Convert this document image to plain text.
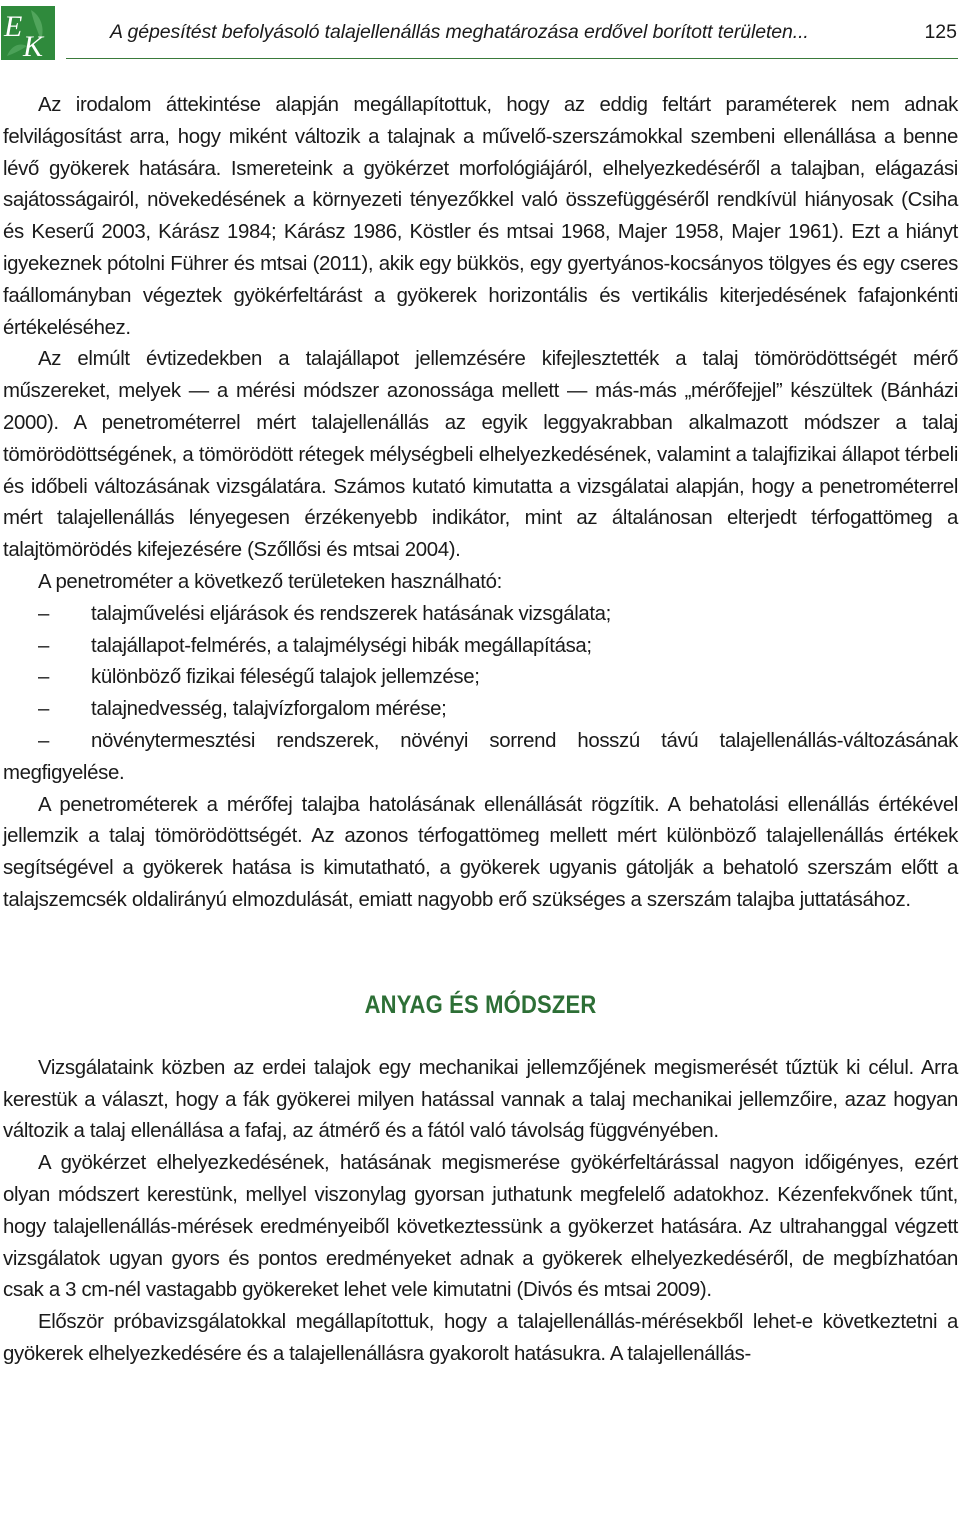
E
K	A gépesítést befolyásoló talajellenállás meghatározása erdővel borított területen...	125

Az irodalom áttekintése alapján megállapítottuk, hogy az eddig feltárt paraméterek nem adnak felvilágosítást arra, hogy miként változik a talajnak a művelő-szerszámokkal szembeni ellenállása a benne lévő gyökerek hatására. Ismereteink a gyökérzet morfológiájáról, elhelyezkedéséről a talajban, elágazási sajátosságairól, növekedésének a környezeti tényezőkkel való összefüggéséről rendkívül hiányosak (Csiha és Keserű 2003, Kárász 1984; Kárász 1986, Köstler és mtsai 1968, Majer 1958, Majer 1961). Ezt a hiányt igyekeznek pótolni Führer és mtsai (2011), akik egy bükkös, egy gyertyános-kocsányos tölgyes és egy cseres faállományban végeztek gyökérfeltárást a gyökerek horizontális és vertikális kiterjedésének fafajonkénti értékeléséhez.

Az elmúlt évtizedekben a talajállapot jellemzésére kifejlesztették a talaj tömörödöttségét mérő műszereket, melyek — a mérési módszer azonossága mellett — más-más „mérőfejjel” készültek (Bánházi 2000). A penetrométerrel mért talajellenállás az egyik leggyakrabban alkalmazott módszer a talaj tömörödöttségének, a tömörödött rétegek mélységbeli elhelyezkedésének, valamint a talajfizikai állapot térbeli és időbeli változásának vizsgálatára. Számos kutató kimutatta a vizsgálatai alapján, hogy a penetrométerrel mért talajellenállás lényegesen érzékenyebb indikátor, mint az általánosan elterjedt térfogattömeg a talajtömörödés kifejezésére (Szőllősi és mtsai 2004).

A penetrométer a következő területeken használható:

– talajművelési eljárások és rendszerek hatásának vizsgálata;
– talajállapot-felmérés, a talajmélységi hibák megállapítása;
– különböző fizikai féleségű talajok jellemzése;
– talajnedvesség, talajvízforgalom mérése;
– növénytermesztési rendszerek, növényi sorrend hosszú távú talajellenállás-változásának megfigyelése.

A penetrométerek a mérőfej talajba hatolásának ellenállását rögzítik. A behatolási ellenállás értékével jellemzik a talaj tömörödöttségét. Az azonos térfogattömeg mellett mért különböző talajellenállás értékek segítségével a gyökerek hatása is kimutatható, a gyökerek ugyanis gátolják a behatoló szerszám előtt a talajszemcsék oldalirányú elmozdulását, emiatt nagyobb erő szükséges a szerszám talajba juttatásához.

ANYAG ÉS MÓDSZER

Vizsgálataink közben az erdei talajok egy mechanikai jellemzőjének megismerését tűztük ki célul. Arra kerestük a választ, hogy a fák gyökerei milyen hatással vannak a talaj mechanikai jellemzőire, azaz hogyan változik a talaj ellenállása a fafaj, az átmérő és a fától való távolság függvényében.

A gyökérzet elhelyezkedésének, hatásának megismerése gyökérfeltárással nagyon időigényes, ezért olyan módszert kerestünk, mellyel viszonylag gyorsan juthatunk megfelelő adatokhoz. Kézenfekvőnek tűnt, hogy talajellenállás-mérések eredményeiből következtessünk a gyökerzet hatására. Az ultrahanggal végzett vizsgálatok ugyan gyors és pontos eredményeket adnak a gyökerek elhelyezkedéséről, de megbízhatóan csak a 3 cm-nél vastagabb gyökereket lehet vele kimutatni (Divós és mtsai 2009).

Először próbavizsgálatokkal megállapítottuk, hogy a talajellenállás-mérésekből lehet-e következtetni a gyökerek elhelyezkedésére és a talajellenállásra gyakorolt hatásukra. A talajellenállás-
